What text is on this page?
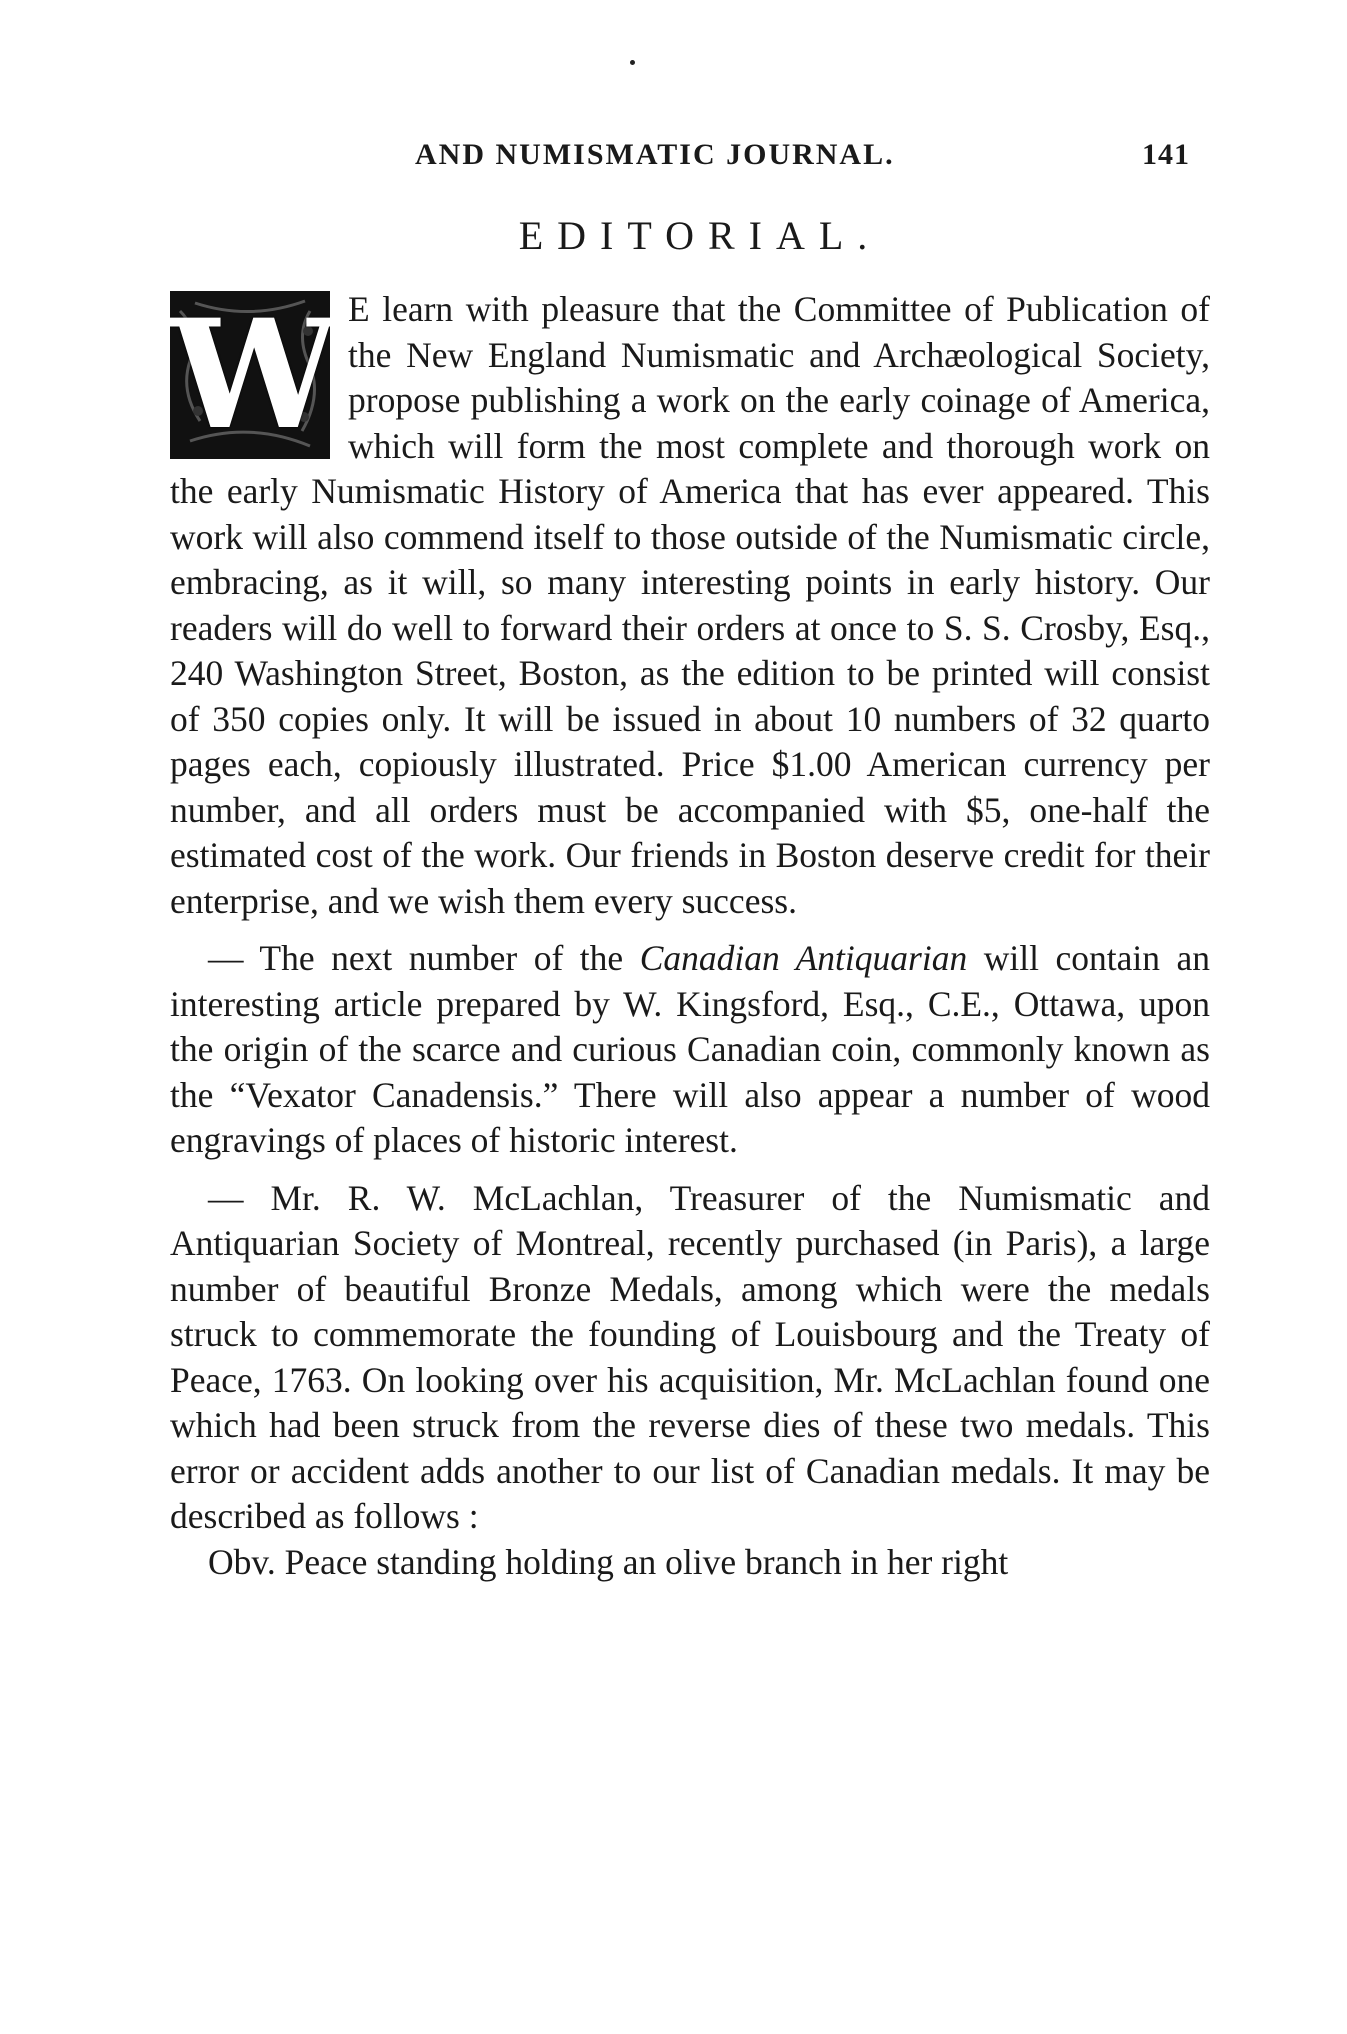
AND NUMISMATIC JOURNAL.	141
EDITORIAL.

W E learn with pleasure that the Committee of Publication of the New England Numismatic and Archæological Society, propose publishing a work on the early coinage of America, which will form the most complete and thorough work on the early Numismatic History of America that has ever appeared. This work will also commend itself to those outside of the Numismatic circle, embracing, as it will, so many interesting points in early history. Our readers will do well to forward their orders at once to S. S. Crosby, Esq., 240 Washington Street, Boston, as the edition to be printed will consist of 350 copies only. It will be issued in about 10 numbers of 32 quarto pages each, copiously illustrated. Price $1.00 American currency per number, and all orders must be accompanied with $5, one-half the estimated cost of the work. Our friends in Boston deserve credit for their enterprise, and we wish them every success.

— The next number of the Canadian Antiquarian will contain an interesting article prepared by W. Kingsford, Esq., C.E., Ottawa, upon the origin of the scarce and curious Canadian coin, commonly known as the “Vexator Canadensis.” There will also appear a number of wood engravings of places of historic interest.

— Mr. R. W. McLachlan, Treasurer of the Numismatic and Antiquarian Society of Montreal, recently purchased (in Paris), a large number of beautiful Bronze Medals, among which were the medals struck to commemorate the founding of Louisbourg and the Treaty of Peace, 1763. On looking over his acquisition, Mr. McLachlan found one which had been struck from the reverse dies of these two medals. This error or accident adds another to our list of Canadian medals. It may be described as follows :

Obv. Peace standing holding an olive branch in her right
